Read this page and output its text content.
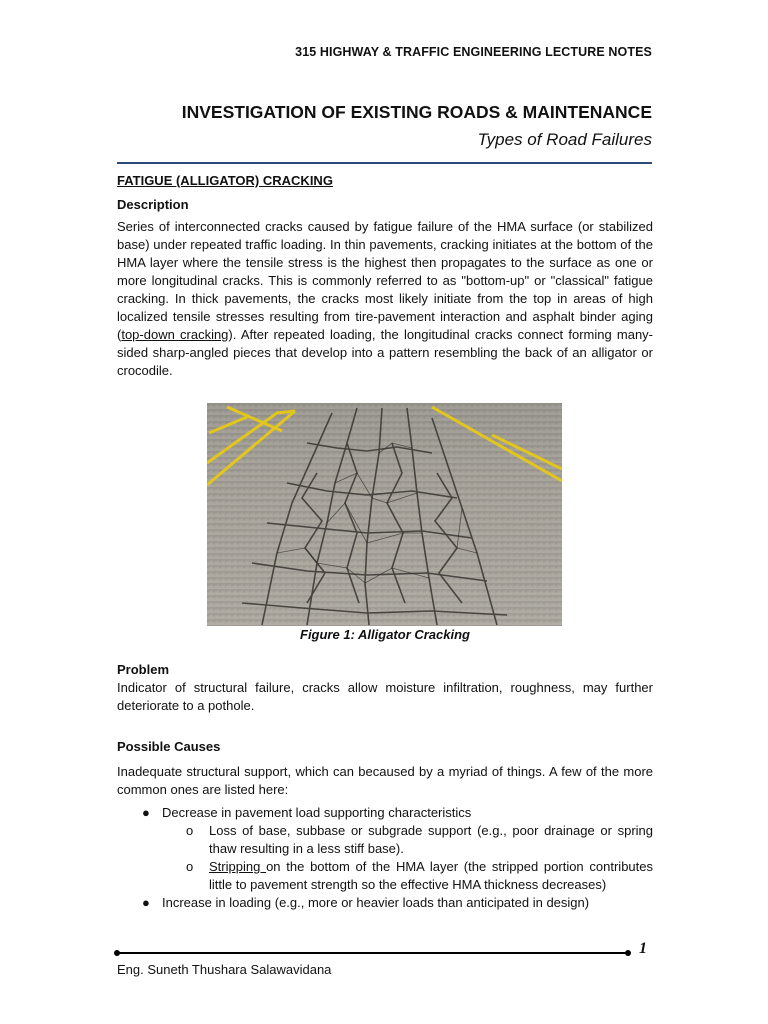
315 HIGHWAY & TRAFFIC ENGINEERING LECTURE NOTES
INVESTIGATION OF EXISTING ROADS & MAINTENANCE
Types of Road Failures
FATIGUE (ALLIGATOR) CRACKING
Description
Series of interconnected cracks caused by fatigue failure of the HMA surface (or stabilized base) under repeated traffic loading. In thin pavements, cracking initiates at the bottom of the HMA layer where the tensile stress is the highest then propagates to the surface as one or more longitudinal cracks. This is commonly referred to as "bottom-up" or "classical" fatigue cracking. In thick pavements, the cracks most likely initiate from the top in areas of high localized tensile stresses resulting from tire-pavement interaction and asphalt binder aging (top-down cracking). After repeated loading, the longitudinal cracks connect forming many-sided sharp-angled pieces that develop into a pattern resembling the back of an alligator or crocodile.
Figure 1: Alligator Cracking
Problem
Indicator of structural failure, cracks allow moisture infiltration, roughness, may further deteriorate to a pothole.
Possible Causes
Inadequate structural support, which can becaused by a myriad of things. A few of the more common ones are listed here:
● Decrease in pavement load supporting characteristics
o Loss of base, subbase or subgrade support (e.g., poor drainage or spring thaw resulting in a less stiff base).
o Stripping on the bottom of the HMA layer (the stripped portion contributes little to pavement strength so the effective HMA thickness decreases)
● Increase in loading (e.g., more or heavier loads than anticipated in design)
1
Eng. Suneth Thushara Salawavidana
